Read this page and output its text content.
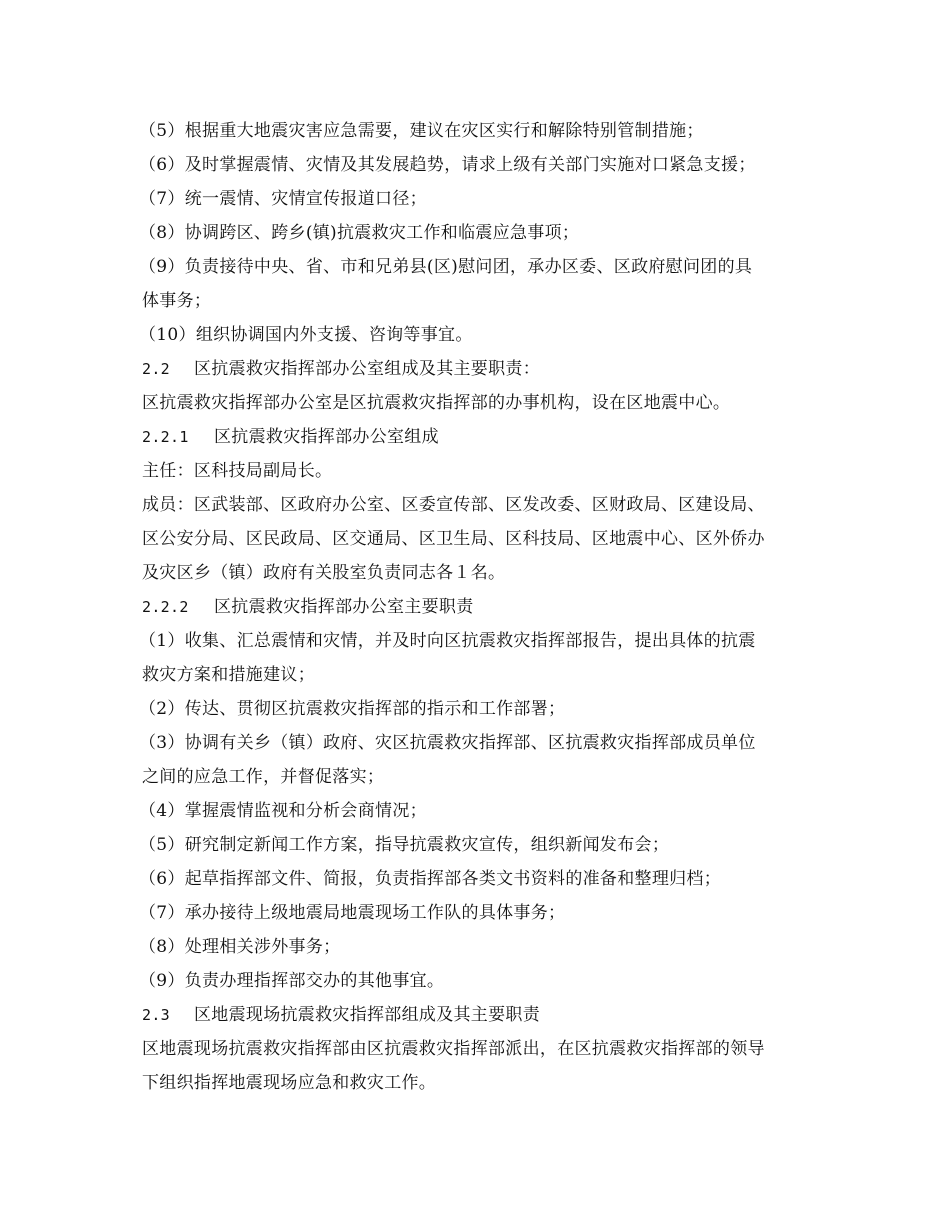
（5）根据重大地震灾害应急需要，建议在灾区实行和解除特别管制措施；
（6）及时掌握震情、灾情及其发展趋势，请求上级有关部门实施对口紧急支援；
（7）统一震情、灾情宣传报道口径；
（8）协调跨区、跨乡(镇)抗震救灾工作和临震应急事项；
（9）负责接待中央、省、市和兄弟县(区)慰问团，承办区委、区政府慰问团的具
体事务；
（10）组织协调国内外支援、咨询等事宜。
2.2 区抗震救灾指挥部办公室组成及其主要职责：
区抗震救灾指挥部办公室是区抗震救灾指挥部的办事机构，设在区地震中心。
2.2.1 区抗震救灾指挥部办公室组成
主任：区科技局副局长。
成员：区武装部、区政府办公室、区委宣传部、区发改委、区财政局、区建设局、
区公安分局、区民政局、区交通局、区卫生局、区科技局、区地震中心、区外侨办
及灾区乡（镇）政府有关股室负责同志各１名。
2.2.2 区抗震救灾指挥部办公室主要职责
（1）收集、汇总震情和灾情，并及时向区抗震救灾指挥部报告，提出具体的抗震
救灾方案和措施建议；
（2）传达、贯彻区抗震救灾指挥部的指示和工作部署；
（3）协调有关乡（镇）政府、灾区抗震救灾指挥部、区抗震救灾指挥部成员单位
之间的应急工作，并督促落实；
（4）掌握震情监视和分析会商情况；
（5）研究制定新闻工作方案，指导抗震救灾宣传，组织新闻发布会；
（6）起草指挥部文件、简报，负责指挥部各类文书资料的准备和整理归档；
（7）承办接待上级地震局地震现场工作队的具体事务；
（8）处理相关涉外事务；
（9）负责办理指挥部交办的其他事宜。
2.3 区地震现场抗震救灾指挥部组成及其主要职责
区地震现场抗震救灾指挥部由区抗震救灾指挥部派出，在区抗震救灾指挥部的领导
下组织指挥地震现场应急和救灾工作。
